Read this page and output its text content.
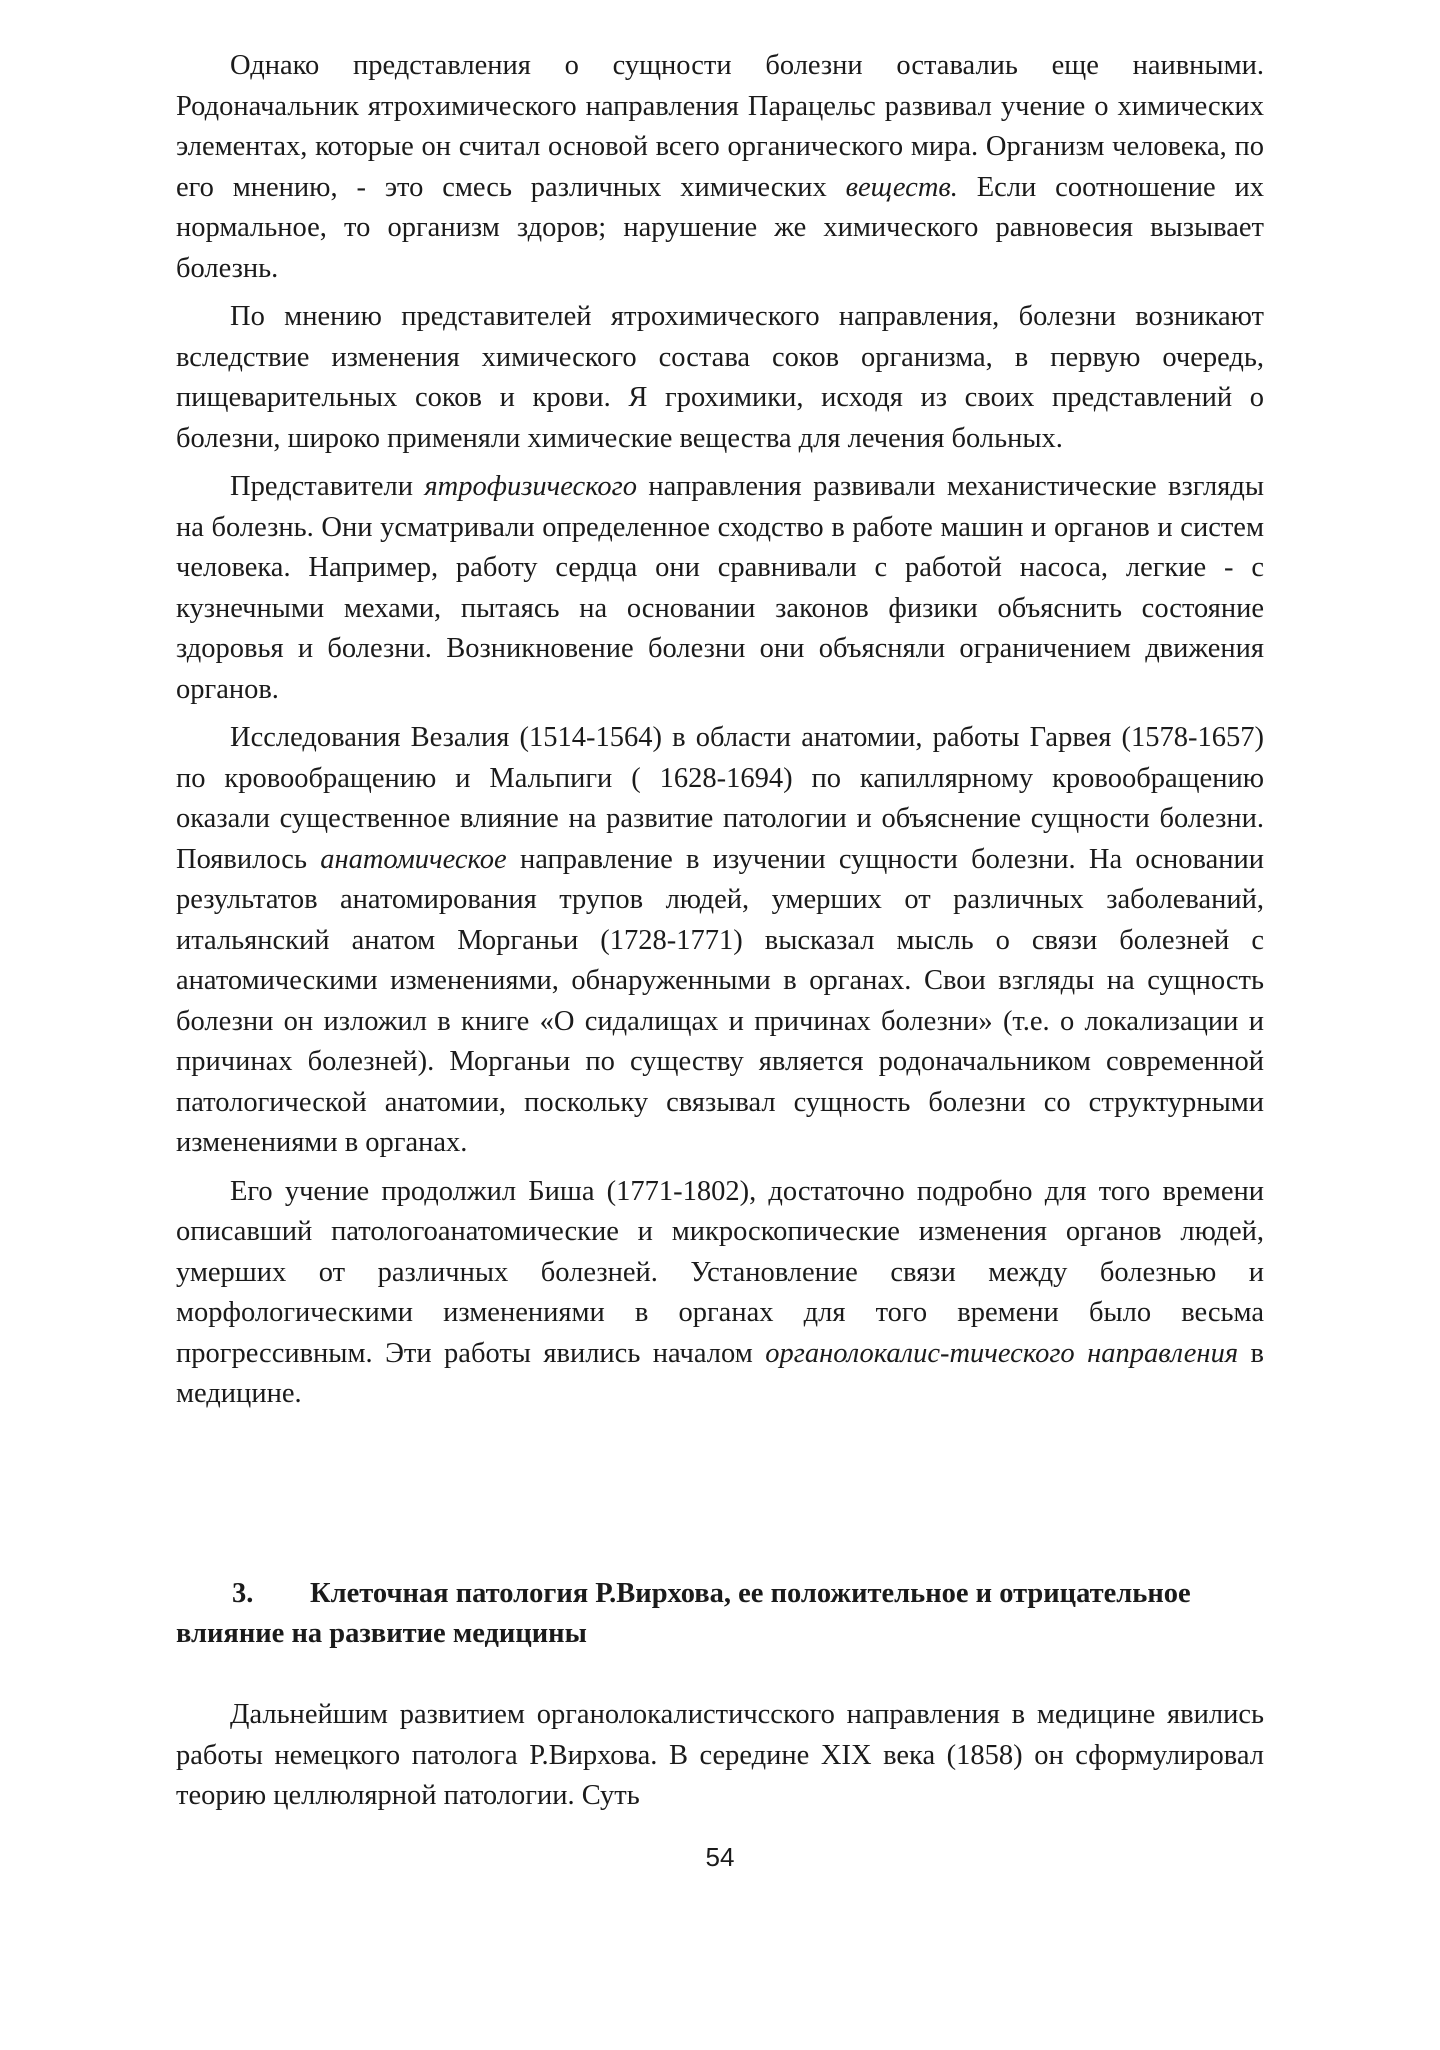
Однако представления о сущности болезни оставалиь еще наивными. Родоначальник ятрохимического направления Парацельс развивал учение о химических элементах, которые он считал основой всего органического мира. Организм человека, по его мнению, - это смесь различных химических веществ. Если соотношение их нормальное, то организм здоров; нарушение же химического равновесия вызывает болезнь.

По мнению представителей ятрохимического направления, болезни возникают вследствие изменения химического состава соков организма, в первую очередь, пищеварительных соков и крови. Я грохимики, исходя из своих представлений о болезни, широко применяли химические вещества для лечения больных.

Представители ятрофизического направления развивали механистические взгляды на болезнь. Они усматривали определенное сходство в работе машин и органов и систем человека. Например, работу сердца они сравнивали с работой насоса, легкие - с кузнечными мехами, пытаясь на основании законов физики объяснить состояние здоровья и болезни. Возникновение болезни они объясняли ограничением движения органов.

Исследования Везалия (1514-1564) в области анатомии, работы Гарвея (1578-1657) по кровообращению и Мальпиги ( 1628-1694) по капиллярному кровообращению оказали существенное влияние на развитие патологии и объяснение сущности болезни. Появилось анатомическое направление в изучении сущности болезни. На основании результатов анатомирования трупов людей, умерших от различных заболеваний, итальянский анатом Морганьи (1728-1771) высказал мысль о связи болезней с анатомическими изменениями, обнаруженными в органах. Свои взгляды на сущность болезни он изложил в книге «О сидалищах и причинах болезни» (т.е. о локализации и причинах болезней). Морганьи по существу является родоначальником современной патологической анатомии, поскольку связывал сущность болезни со структурными изменениями в органах.

Его учение продолжил Биша (1771-1802), достаточно подробно для того времени описавший патологоанатомические и микроскопические изменения органов людей, умерших от различных болезней. Установление связи между болезнью и морфологическими изменениями в органах для того времени было весьма прогрессивным. Эти работы явились началом органолокалис-тического направления в медицине.

3. Клеточная патология Р.Вирхова, ее положительное и отрицательное
влияние на развитие медицины

Дальнейшим развитием органолокалистичсского направления в медицине явились работы немецкого патолога Р.Вирхова. В середине XIX века (1858) он сформулировал теорию целлюлярной патологии. Суть

54
